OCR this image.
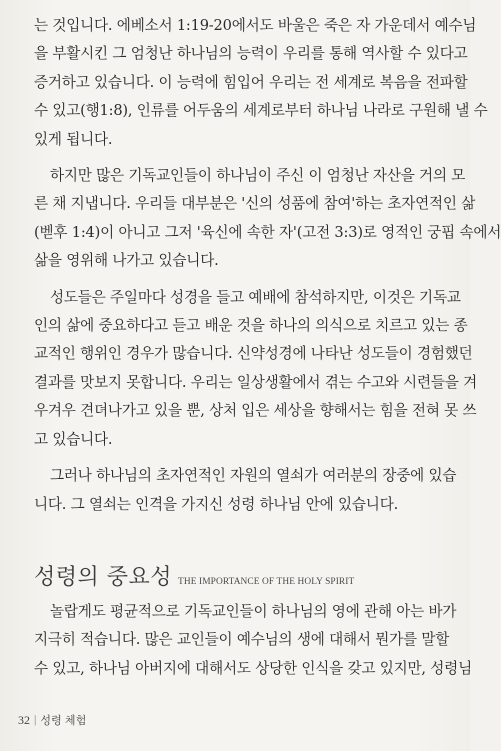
는 것입니다. 에베소서 1:19-20에서도 바울은 죽은 자 가운데서 예수님
을 부활시킨 그 엄청난 하나님의 능력이 우리를 통해 역사할 수 있다고
증거하고 있습니다. 이 능력에 힘입어 우리는 전 세계로 복음을 전파할
수 있고(행1:8), 인류를 어두움의 세계로부터 하나님 나라로 구원해 낼 수
있게 됩니다.

하지만 많은 기독교인들이 하나님이 주신 이 엄청난 자산을 거의 모
른 채 지냅니다. 우리들 대부분은 '신의 성품에 참여'하는 초자연적인 삶
(벧후 1:4)이 아니고 그저 '육신에 속한 자'(고전 3:3)로 영적인 궁핍 속에서
삶을 영위해 나가고 있습니다.

성도들은 주일마다 성경을 들고 예배에 참석하지만, 이것은 기독교
인의 삶에 중요하다고 듣고 배운 것을 하나의 의식으로 치르고 있는 종
교적인 행위인 경우가 많습니다. 신약성경에 나타난 성도들이 경험했던
결과를 맛보지 못합니다. 우리는 일상생활에서 겪는 수고와 시련들을 겨
우겨우 견뎌나가고 있을 뿐, 상처 입은 세상을 향해서는 힘을 전혀 못 쓰
고 있습니다.

그러나 하나님의 초자연적인 자원의 열쇠가 여러분의 장중에 있습
니다. 그 열쇠는 인격을 가지신 성령 하나님 안에 있습니다.

성령의 중요성 THE IMPORTANCE OF THE HOLY SPIRIT

놀랍게도 평균적으로 기독교인들이 하나님의 영에 관해 아는 바가
지극히 적습니다. 많은 교인들이 예수님의 생에 대해서 뭔가를 말할
수 있고, 하나님 아버지에 대해서도 상당한 인식을 갖고 있지만, 성령님

32 | 성령 체험
